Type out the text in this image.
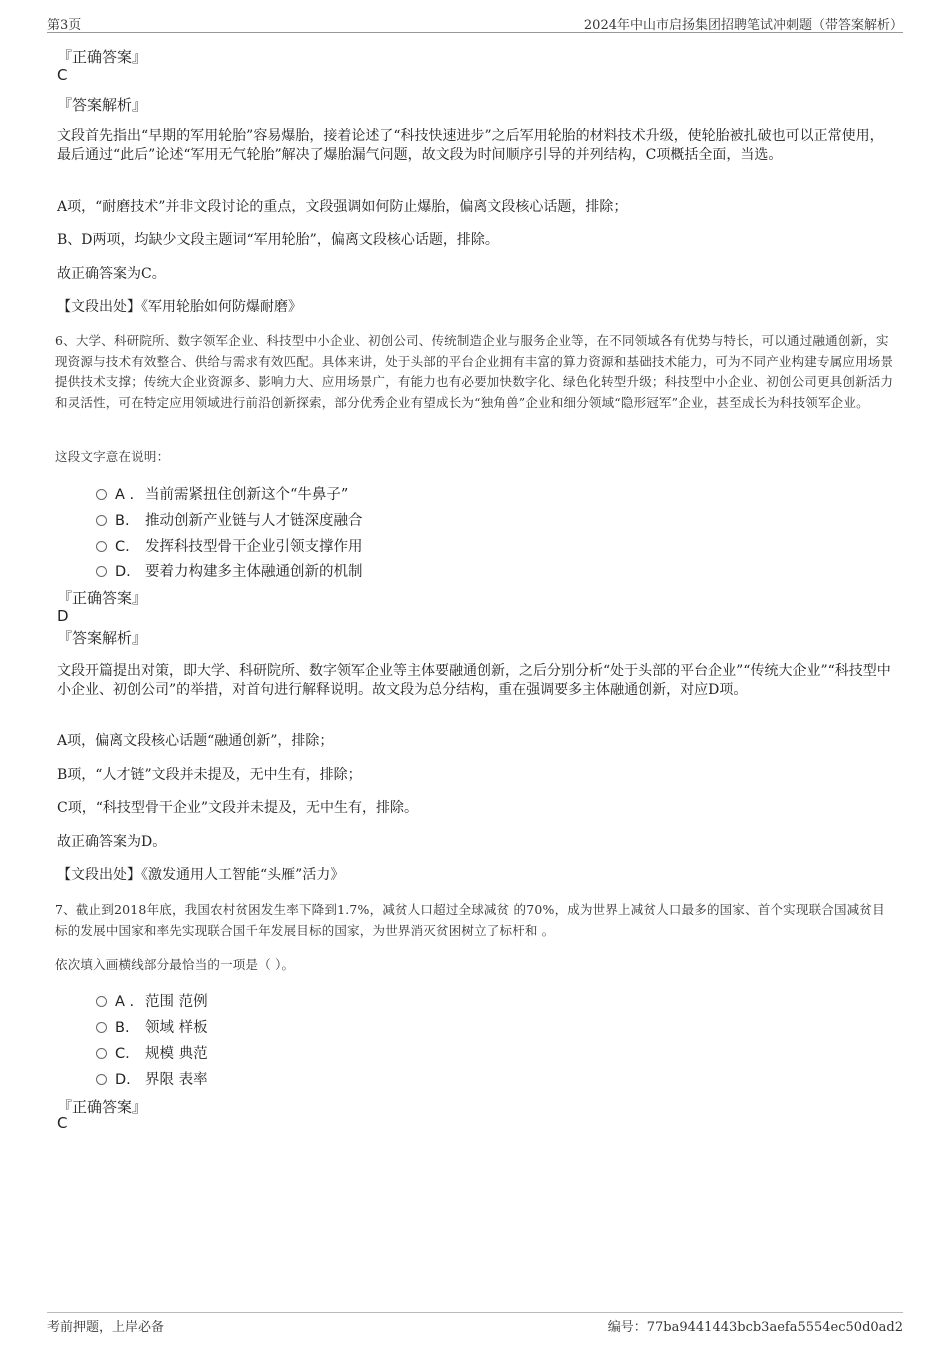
第3页	2024年中山市启扬集团招聘笔试冲刺题（带答案解析）
『正确答案』
C
『答案解析』
文段首先指出“早期的军用轮胎”容易爆胎，接着论述了“科技快速进步”之后军用轮胎的材料技术升级，使轮胎被扎破也可以正常使用，最后通过“此后”论述“军用无气轮胎”解决了爆胎漏气问题，故文段为时间顺序引导的并列结构，C项概括全面，当选。
A项，“耐磨技术”并非文段讨论的重点，文段强调如何防止爆胎，偏离文段核心话题，排除；
B、D两项，均缺少文段主题词“军用轮胎”，偏离文段核心话题，排除。
故正确答案为C。
【文段出处】《军用轮胎如何防爆耐磨》
6、大学、科研院所、数字领军企业、科技型中小企业、初创公司、传统制造企业与服务企业等，在不同领域各有优势与特长，可以通过融通创新，实现资源与技术有效整合、供给与需求有效匹配。具体来讲，处于头部的平台企业拥有丰富的算力资源和基础技术能力，可为不同产业构建专属应用场景提供技术支撑；传统大企业资源多、影响力大、应用场景广，有能力也有必要加快数字化、绿色化转型升级；科技型中小企业、初创公司更具创新活力和灵活性，可在特定应用领域进行前沿创新探索，部分优秀企业有望成长为“独角兽”企业和细分领域“隐形冠军”企业，甚至成长为科技领军企业。
这段文字意在说明：
A . 当前需紧扭住创新这个“牛鼻子”
B. 推动创新产业链与人才链深度融合
C. 发挥科技型骨干企业引领支撑作用
D. 要着力构建多主体融通创新的机制
『正确答案』
D
『答案解析』
文段开篇提出对策，即大学、科研院所、数字领军企业等主体要融通创新，之后分别分析“处于头部的平台企业”“传统大企业”“科技型中小企业、初创公司”的举措，对首句进行解释说明。故文段为总分结构，重在强调要多主体融通创新，对应D项。
A项，偏离文段核心话题“融通创新”，排除；
B项，“人才链”文段并未提及，无中生有，排除；
C项，“科技型骨干企业”文段并未提及，无中生有，排除。
故正确答案为D。
【文段出处】《激发通用人工智能“头雁”活力》
7、截止到2018年底，我国农村贫困发生率下降到1.7%，减贫人口超过全球减贫 的70%，成为世界上减贫人口最多的国家、首个实现联合国减贫目标的发展中国家和率先实现联合国千年发展目标的国家，为世界消灭贫困树立了标杆和 。
依次填入画横线部分最恰当的一项是（ ）。
A . 范围 范例
B. 领域 样板
C. 规模 典范
D. 界限 表率
『正确答案』
C
考前押题，上岸必备	编号：77ba9441443bcb3aefa5554ec50d0ad2
